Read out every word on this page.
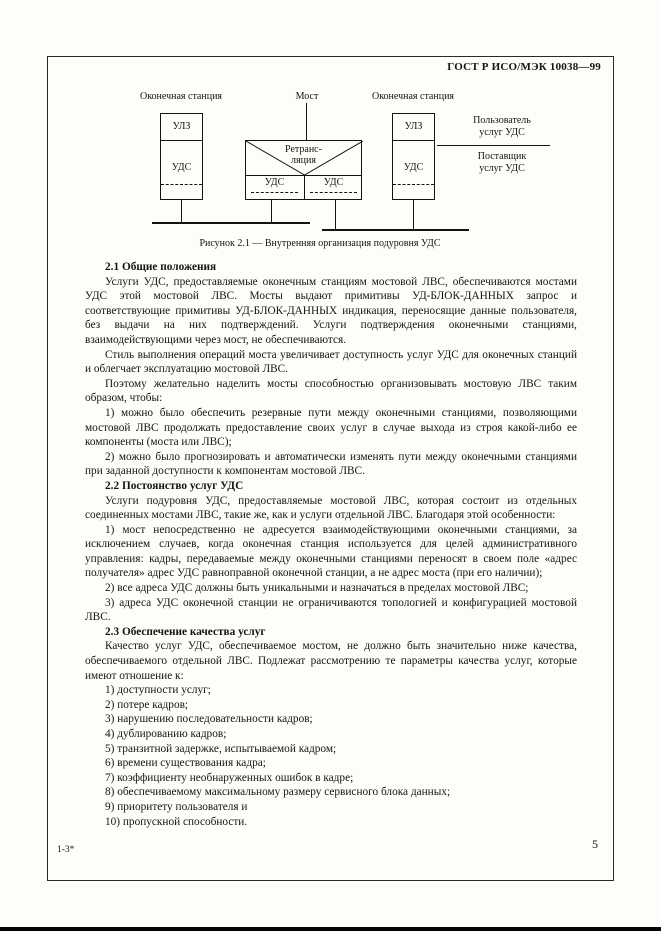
ГОСТ Р ИСО/МЭК 10038—99
Оконечная станция	Мост	Оконечная станция
УЛЗ
УДС
Ретранс-
ляция
УДС	УДС
УЛЗ
УДС
Пользователь
услуг УДС
Поставщик
услуг УДС
Рисунок 2.1 — Внутренняя организация подуровня УДС
2.1 Общие положения

Услуги УДС, предоставляемые оконечным станциям мостовой ЛВС, обеспечиваются мостами УДС этой мостовой ЛВС. Мосты выдают примитивы УД-БЛОК-ДАННЫХ запрос и соответствующие примитивы УД-БЛОК-ДАННЫХ индикация, переносящие данные пользователя, без выдачи на них подтверждений. Услуги подтверждения оконечными станциями, взаимодействующими через мост, не обеспечиваются.

Стиль выполнения операций моста увеличивает доступность услуг УДС для оконечных станций и облегчает эксплуатацию мостовой ЛВС.

Поэтому желательно наделить мосты способностью организовывать мостовую ЛВС таким образом, чтобы:

1) можно было обеспечить резервные пути между оконечными станциями, позволяющими мостовой ЛВС продолжать предоставление своих услуг в случае выхода из строя какой-либо ее компоненты (моста или ЛВС);

2) можно было прогнозировать и автоматически изменять пути между оконечными станциями при заданной доступности к компонентам мостовой ЛВС.

2.2 Постоянство услуг УДС

Услуги подуровня УДС, предоставляемые мостовой ЛВС, которая состоит из отдельных соединенных мостами ЛВС, такие же, как и услуги отдельной ЛВС. Благодаря этой особенности:

1) мост непосредственно не адресуется взаимодействующими оконечными станциями, за исключением случаев, когда оконечная станция используется для целей административного управления: кадры, передаваемые между оконечными станциями переносят в своем поле «адрес получателя» адрес УДС равноправной оконечной станции, а не адрес моста (при его наличии);

2) все адреса УДС должны быть уникальными и назначаться в пределах мостовой ЛВС;

3) адреса УДС оконечной станции не ограничиваются топологией и конфигурацией мостовой ЛВС.

2.3 Обеспечение качества услуг

Качество услуг УДС, обеспечиваемое мостом, не должно быть значительно ниже качества, обеспечиваемого отдельной ЛВС. Подлежат рассмотрению те параметры качества услуг, которые имеют отношение к:

1) доступности услуг;
2) потере кадров;
3) нарушению последовательности кадров;
4) дублированию кадров;
5) транзитной задержке, испытываемой кадром;
6) времени существования кадра;
7) коэффициенту необнаруженных ошибок в кадре;
8) обеспечиваемому максимальному размеру сервисного блока данных;
9) приоритету пользователя и
10) пропускной способности.
1-3*	5
